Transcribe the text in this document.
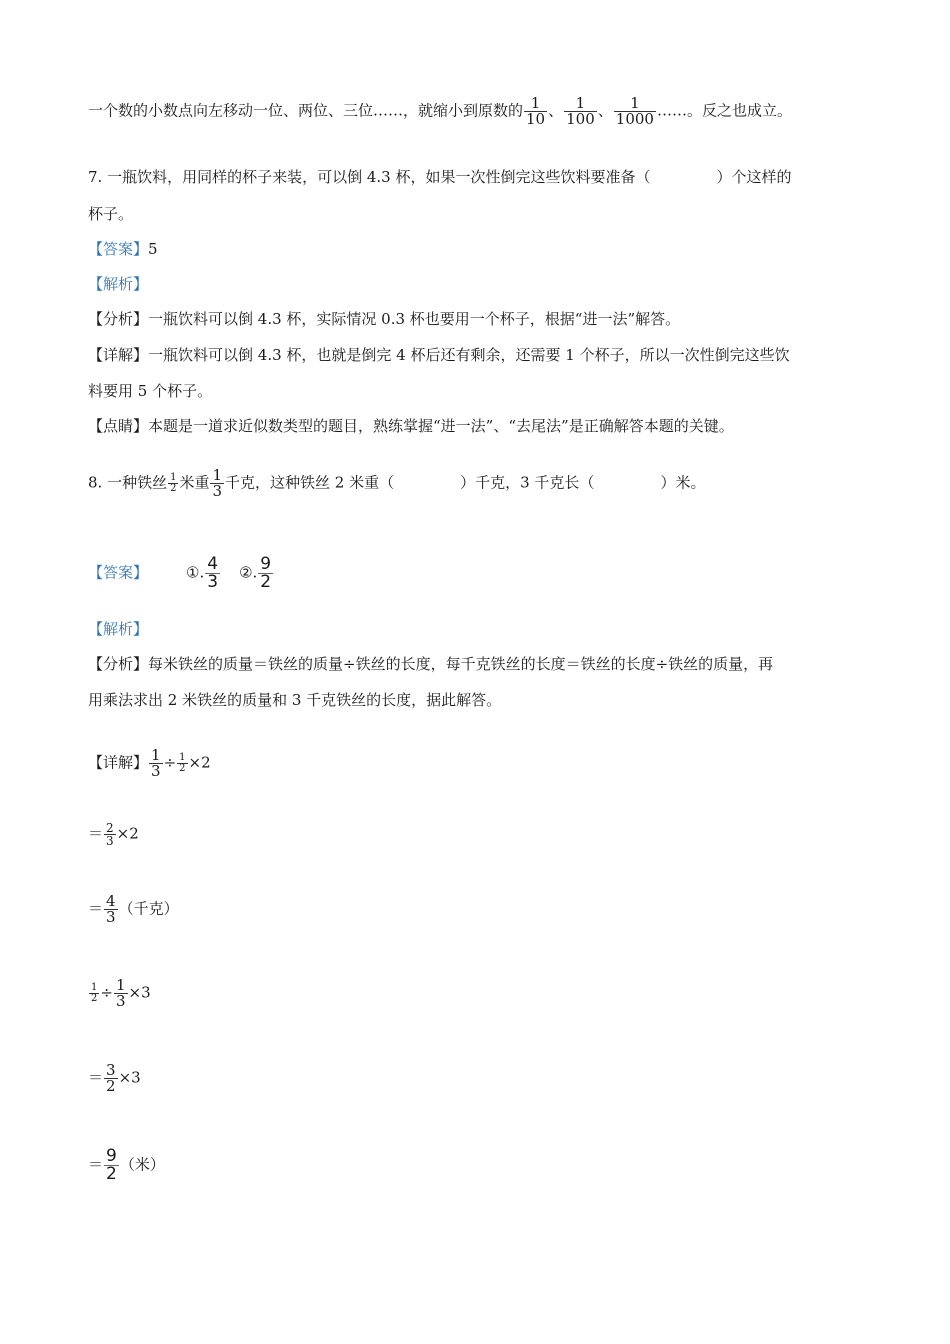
一个数的小数点向左移动一位、两位、三位……，就缩小到原数的 $\frac{1}{10}$ 、 $\frac{1}{100}$ 、 $\frac{1}{1000}$ ……。反之也成立。
7. 一瓶饮料，用同样的杯子来装，可以倒 4.3 杯，如果一次性倒完这些饮料要准备（	）个这样的
杯子。
【答案】5
【解析】
【分析】一瓶饮料可以倒 4.3 杯，实际情况 0.3 杯也要用一个杯子，根据“进一法”解答。
【详解】一瓶饮料可以倒 4.3 杯，也就是倒完 4 杯后还有剩余，还需要 1 个杯子，所以一次性倒完这些饮
料要用 5 个杯子。
【点睛】本题是一道求近似数类型的题目，熟练掌握“进一法”、“去尾法”是正确解答本题的关键。
8. 一种铁丝 $\frac{1}{2}$ 米重 $\frac{1}{3}$ 千克，这种铁丝 2 米重（	）千克，3 千克长（	）米。
【答案】	①. $\frac{4}{3}$ ②. $\frac{9}{2}$
【解析】
【分析】每米铁丝的质量＝铁丝的质量÷铁丝的长度，每千克铁丝的长度＝铁丝的长度÷铁丝的质量，再
用乘法求出 2 米铁丝的质量和 3 千克铁丝的长度，据此解答。
【详解】 $\frac{1}{3} \div \frac{1}{2} \times 2$
＝ $\frac{2}{3} \times 2$
＝ $\frac{4}{3}$ （千克）
$\frac{1}{2} \div \frac{1}{3} \times 3$
＝ $\frac{3}{2} \times 3$
＝ $\frac{9}{2}$ （米）
